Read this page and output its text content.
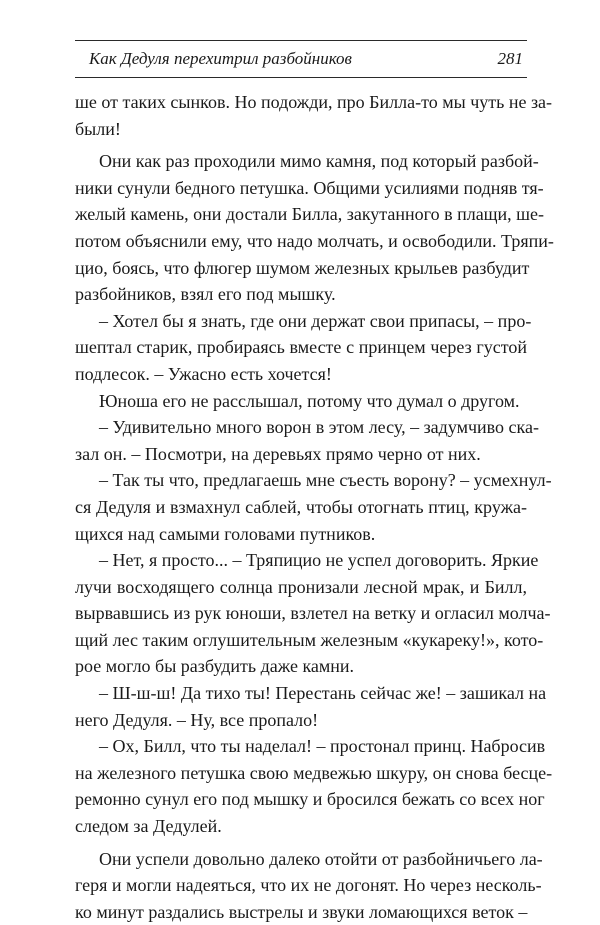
Как Дедуля перехитрил разбойников	281
ше от таких сынков. Но подожди, про Билла-то мы чуть не за-
были!
Они как раз проходили мимо камня, под который разбой-
ники сунули бедного петушка. Общими усилиями подняв тя-
желый камень, они достали Билла, закутанного в плащи, ше-
потом объяснили ему, что надо молчать, и освободили. Тряпи-
цио, боясь, что флюгер шумом железных крыльев разбудит
разбойников, взял его под мышку.
– Хотел бы я знать, где они держат свои припасы, – про-
шептал старик, пробираясь вместе с принцем через густой
подлесок. – Ужасно есть хочется!
Юноша его не расслышал, потому что думал о другом.
– Удивительно много ворон в этом лесу, – задумчиво ска-
зал он. – Посмотри, на деревьях прямо черно от них.
– Так ты что, предлагаешь мне съесть ворону? – усмехнул-
ся Дедуля и взмахнул саблей, чтобы отогнать птиц, кружа-
щихся над самыми головами путников.
– Нет, я просто... – Тряпицио не успел договорить. Яркие
лучи восходящего солнца пронизали лесной мрак, и Билл,
вырвавшись из рук юноши, взлетел на ветку и огласил молча-
щий лес таким оглушительным железным «кукареку!», кото-
рое могло бы разбудить даже камни.
– Ш-ш-ш! Да тихо ты! Перестань сейчас же! – зашикал на
него Дедуля. – Ну, все пропало!
– Ох, Билл, что ты наделал! – простонал принц. Набросив
на железного петушка свою медвежью шкуру, он снова бесце-
ремонно сунул его под мышку и бросился бежать со всех ног
следом за Дедулей.
Они успели довольно далеко отойти от разбойничьего ла-
геря и могли надеяться, что их не догонят. Но через несколь-
ко минут раздались выстрелы и звуки ломающихся веток –
